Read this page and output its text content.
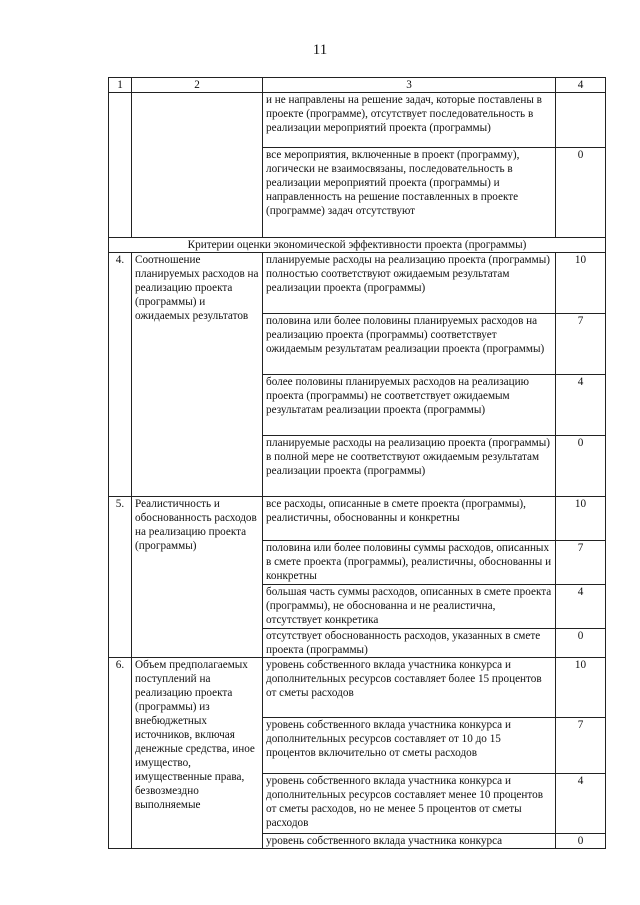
11
1	2	3	4
		и не направлены на решение задач, которые поставлены в проекте (программе), отсутствует последовательность в реализации мероприятий проекта (программы)	
		все мероприятия, включенные в проект (программу), логически не взаимосвязаны, последовательность в реализации мероприятий проекта (программы) и направленность на решение поставленных в проекте (программе) задач отсутствуют	0
Критерии оценки экономической эффективности проекта (программы)			
4.	Соотношение планируемых расходов на реализацию проекта (программы) и ожидаемых результатов	планируемые расходы на реализацию проекта (программы) полностью соответствуют ожидаемым результатам реализации проекта (программы)	10
		половина или более половины планируемых расходов на реализацию проекта (программы) соответствует ожидаемым результатам реализации проекта (программы)	7
		более половины планируемых расходов на реализацию проекта (программы) не соответствует ожидаемым результатам реализации проекта (программы)	4
		планируемые расходы на реализацию проекта (программы) в полной мере не соответствуют ожидаемым результатам реализации проекта (программы)	0
5.	Реалистичность и обоснованность расходов на реализацию проекта (программы)	все расходы, описанные в смете проекта (программы), реалистичны, обоснованны и конкретны	10
		половина или более половины суммы расходов, описанных в смете проекта (программы), реалистичны, обоснованны и конкретны	7
		большая часть суммы расходов, описанных в смете проекта (программы), не обоснованна и не реалистична, отсутствует конкретика	4
		отсутствует обоснованность расходов, указанных в смете проекта (программы)	0
6.	Объем предполагаемых поступлений на реализацию проекта (программы) из внебюджетных источников, включая денежные средства, иное имущество, имущественные права, безвозмездно выполняемые	уровень собственного вклада участника конкурса и дополнительных ресурсов составляет более 15 процентов от сметы расходов	10
		уровень собственного вклада участника конкурса и дополнительных ресурсов составляет от 10 до 15 процентов включительно от сметы расходов	7
		уровень собственного вклада участника конкурса и дополнительных ресурсов составляет менее 10 процентов от сметы расходов, но не менее 5 процентов от сметы расходов	4
		уровень собственного вклада участника конкурса	0
